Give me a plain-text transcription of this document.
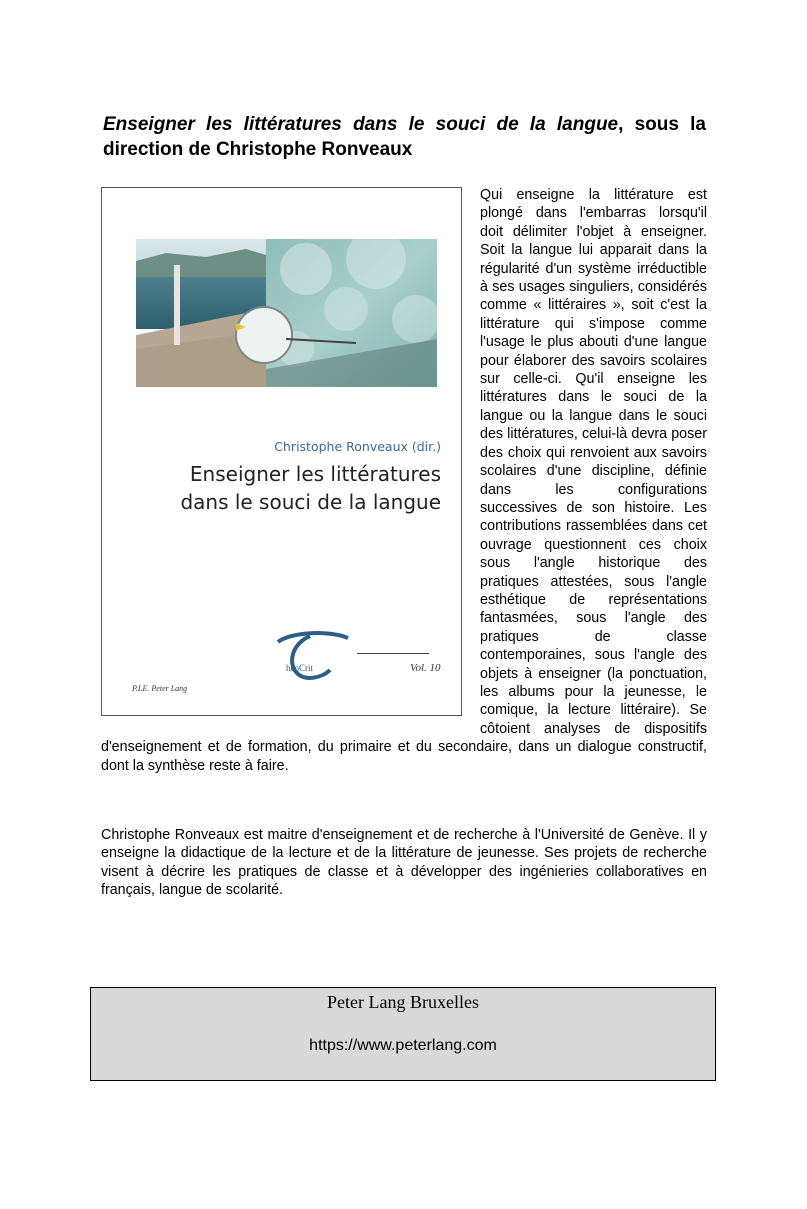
Enseigner les littératures dans le souci de la langue, sous la direction de Christophe Ronveaux
Christophe Ronveaux (dir.)
Enseigner les littératures
dans le souci de la langue
héoCrit	Vol. 10
P.I.E. Peter Lang
Qui enseigne la littérature est plongé dans l'embarras lorsqu'il doit délimiter l'objet à enseigner. Soit la langue lui apparait dans la régularité d'un système irréductible à ses usages singuliers, considérés comme « littéraires », soit c'est la littérature qui s'impose comme l'usage le plus abouti d'une langue pour élaborer des savoirs scolaires sur celle-ci. Qu'il enseigne les littératures dans le souci de la langue ou la langue dans le souci des littératures, celui-là devra poser des choix qui renvoient aux savoirs scolaires d'une discipline, définie dans les configurations successives de son histoire. Les contributions rassemblées dans cet ouvrage questionnent ces choix sous l'angle historique des pratiques attestées, sous l'angle esthétique de représentations fantasmées, sous l'angle des pratiques de classe contemporaines, sous l'angle des objets à enseigner (la ponctuation, les albums pour la jeunesse, le comique, la lecture littéraire). Se côtoient analyses de dispositifs d'enseignement et de formation, du primaire et du secondaire, dans un dialogue constructif, dont la synthèse reste à faire.
Christophe Ronveaux est maitre d'enseignement et de recherche à l'Université de Genève. Il y enseigne la didactique de la lecture et de la littérature de jeunesse. Ses projets de recherche visent à décrire les pratiques de classe et à développer des ingénieries collaboratives en français, langue de scolarité.
Peter Lang Bruxelles
https://www.peterlang.com
